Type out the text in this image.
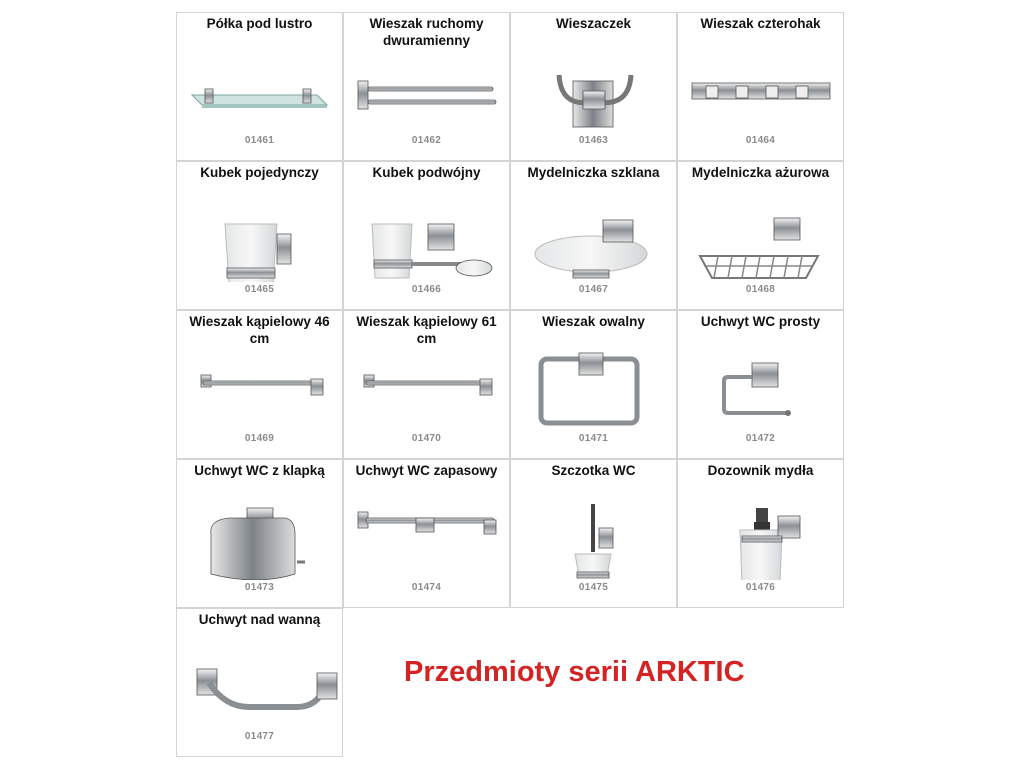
Półka pod lustro
01461
Wieszak ruchomy dwuramienny
01462
Wieszaczek
01463
Wieszak czterohak
01464
Kubek pojedynczy
01465
Kubek podwójny
01466
Mydelniczka szklana
01467
Mydelniczka ażurowa
01468
Wieszak kąpielowy 46 cm
01469
Wieszak kąpielowy 61 cm
01470
Wieszak owalny
01471
Uchwyt WC prosty
01472
Uchwyt WC z klapką
01473
Uchwyt WC zapasowy
01474
Szczotka WC
01475
Dozownik mydła
01476
Uchwyt nad wanną
01477
Przedmioty serii ARKTIC
